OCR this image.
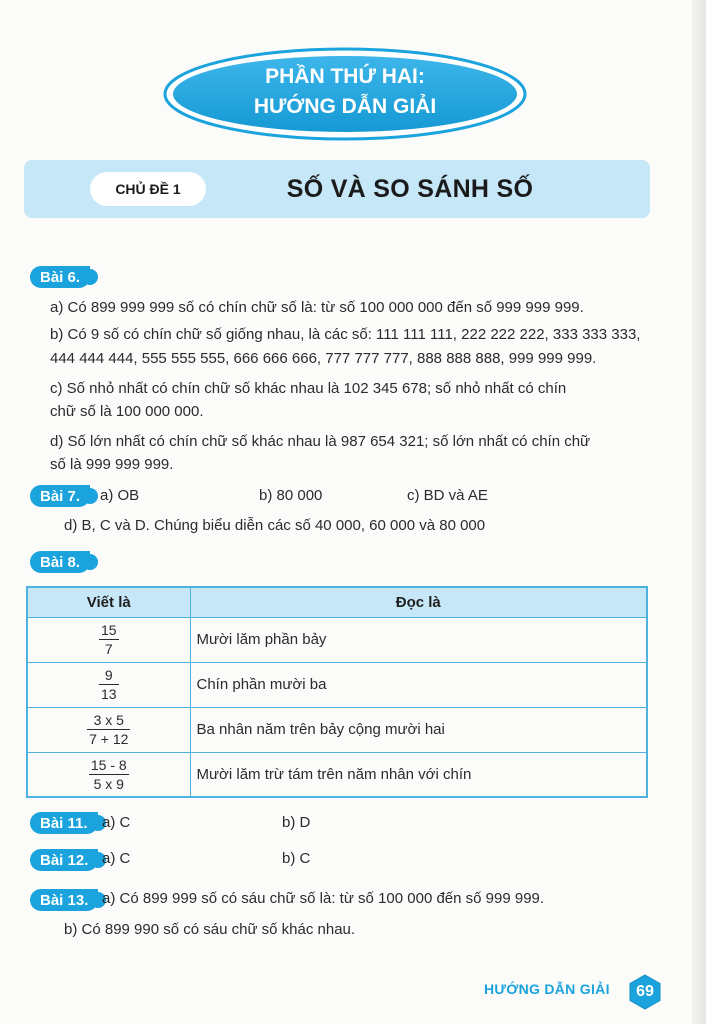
PHẦN THỨ HAI:
HƯỚNG DẪN GIẢI
CHỦ ĐỀ 1	SỐ VÀ SO SÁNH SỐ
Bài 6.
a) Có 899 999 999 số có chín chữ số là: từ số 100 000 000 đến số 999 999 999.
b) Có 9 số có chín chữ số giống nhau, là các số: 111 111 111, 222 222 222, 333 333 333,
444 444 444, 555 555 555, 666 666 666, 777 777 777, 888 888 888, 999 999 999.
c) Số nhỏ nhất có chín chữ số khác nhau là 102 345 678; số nhỏ nhất có chín
chữ số là 100 000 000.
d) Số lớn nhất có chín chữ số khác nhau là 987 654 321; số lớn nhất có chín chữ
số là 999 999 999.
Bài 7.	a) OB	b) 80 000	c) BD và AE
d) B, C và D. Chúng biểu diễn các số 40 000, 60 000 và 80 000
Bài 8.
Viết là	Đọc là

$\frac{15}{7}$	Mười lăm phần bảy

$\frac{9}{13}$	Chín phần mười ba

$\frac{3 x 5}{7 + 12}$	Ba nhân năm trên bảy cộng mười hai

$\frac{15 - 8}{5 x 9}$	Mười lăm trừ tám trên năm nhân với chín
Bài 11. a) C	b) D
Bài 12. a) C	b) C
Bài 13. a) Có 899 999 số có sáu chữ số là: từ số 100 000 đến số 999 999.
b) Có 899 990 số có sáu chữ số khác nhau.
HƯỚNG DẪN GIẢI	69
